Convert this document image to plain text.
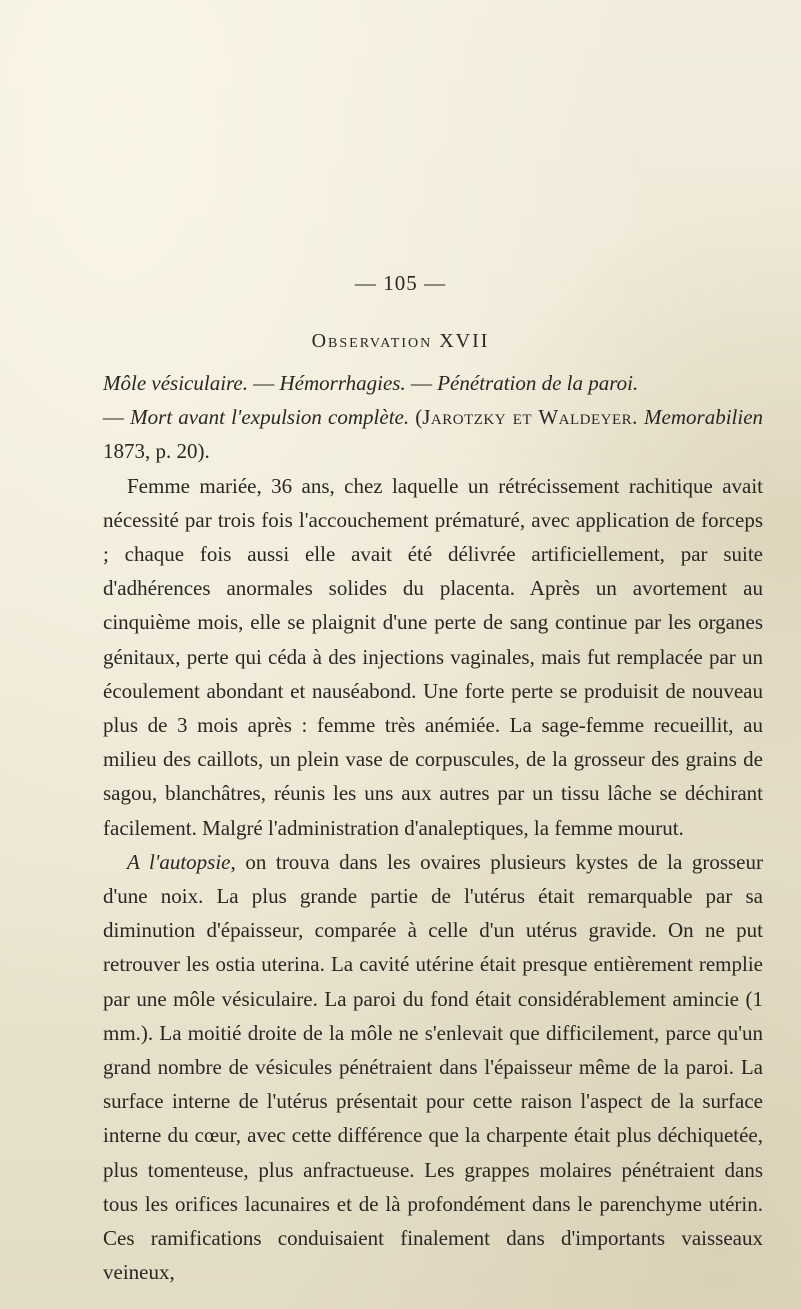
— 105 —
Observation XVII

Môle vésiculaire. — Hémorrhagies. — Pénétration de la paroi.
— Mort avant l'expulsion complète. (Jarotzky et Waldeyer. Memorabilien 1873, p. 20).

Femme mariée, 36 ans, chez laquelle un rétrécissement rachitique avait nécessité par trois fois l'accouchement prématuré, avec application de forceps ; chaque fois aussi elle avait été délivrée artificiellement, par suite d'adhérences anormales solides du placenta. Après un avortement au cinquième mois, elle se plaignit d'une perte de sang continue par les organes génitaux, perte qui céda à des injections vaginales, mais fut remplacée par un écoulement abondant et nauséabond. Une forte perte se produisit de nouveau plus de 3 mois après : femme très anémiée. La sage-femme recueillit, au milieu des caillots, un plein vase de corpuscules, de la grosseur des grains de sagou, blanchâtres, réunis les uns aux autres par un tissu lâche se déchirant facilement. Malgré l'administration d'analeptiques, la femme mourut.

A l'autopsie, on trouva dans les ovaires plusieurs kystes de la grosseur d'une noix. La plus grande partie de l'utérus était remarquable par sa diminution d'épaisseur, comparée à celle d'un utérus gravide. On ne put retrouver les ostia uterina. La cavité utérine était presque entièrement remplie par une môle vésiculaire. La paroi du fond était considérablement amincie (1 mm.). La moitié droite de la môle ne s'enlevait que difficilement, parce qu'un grand nombre de vésicules pénétraient dans l'épaisseur même de la paroi. La surface interne de l'utérus présentait pour cette raison l'aspect de la surface interne du cœur, avec cette différence que la charpente était plus déchiquetée, plus tomenteuse, plus anfractueuse. Les grappes molaires pénétraient dans tous les orifices lacunaires et de là profondément dans le parenchyme utérin. Ces ramifications conduisaient finalement dans d'importants vaisseaux veineux,
